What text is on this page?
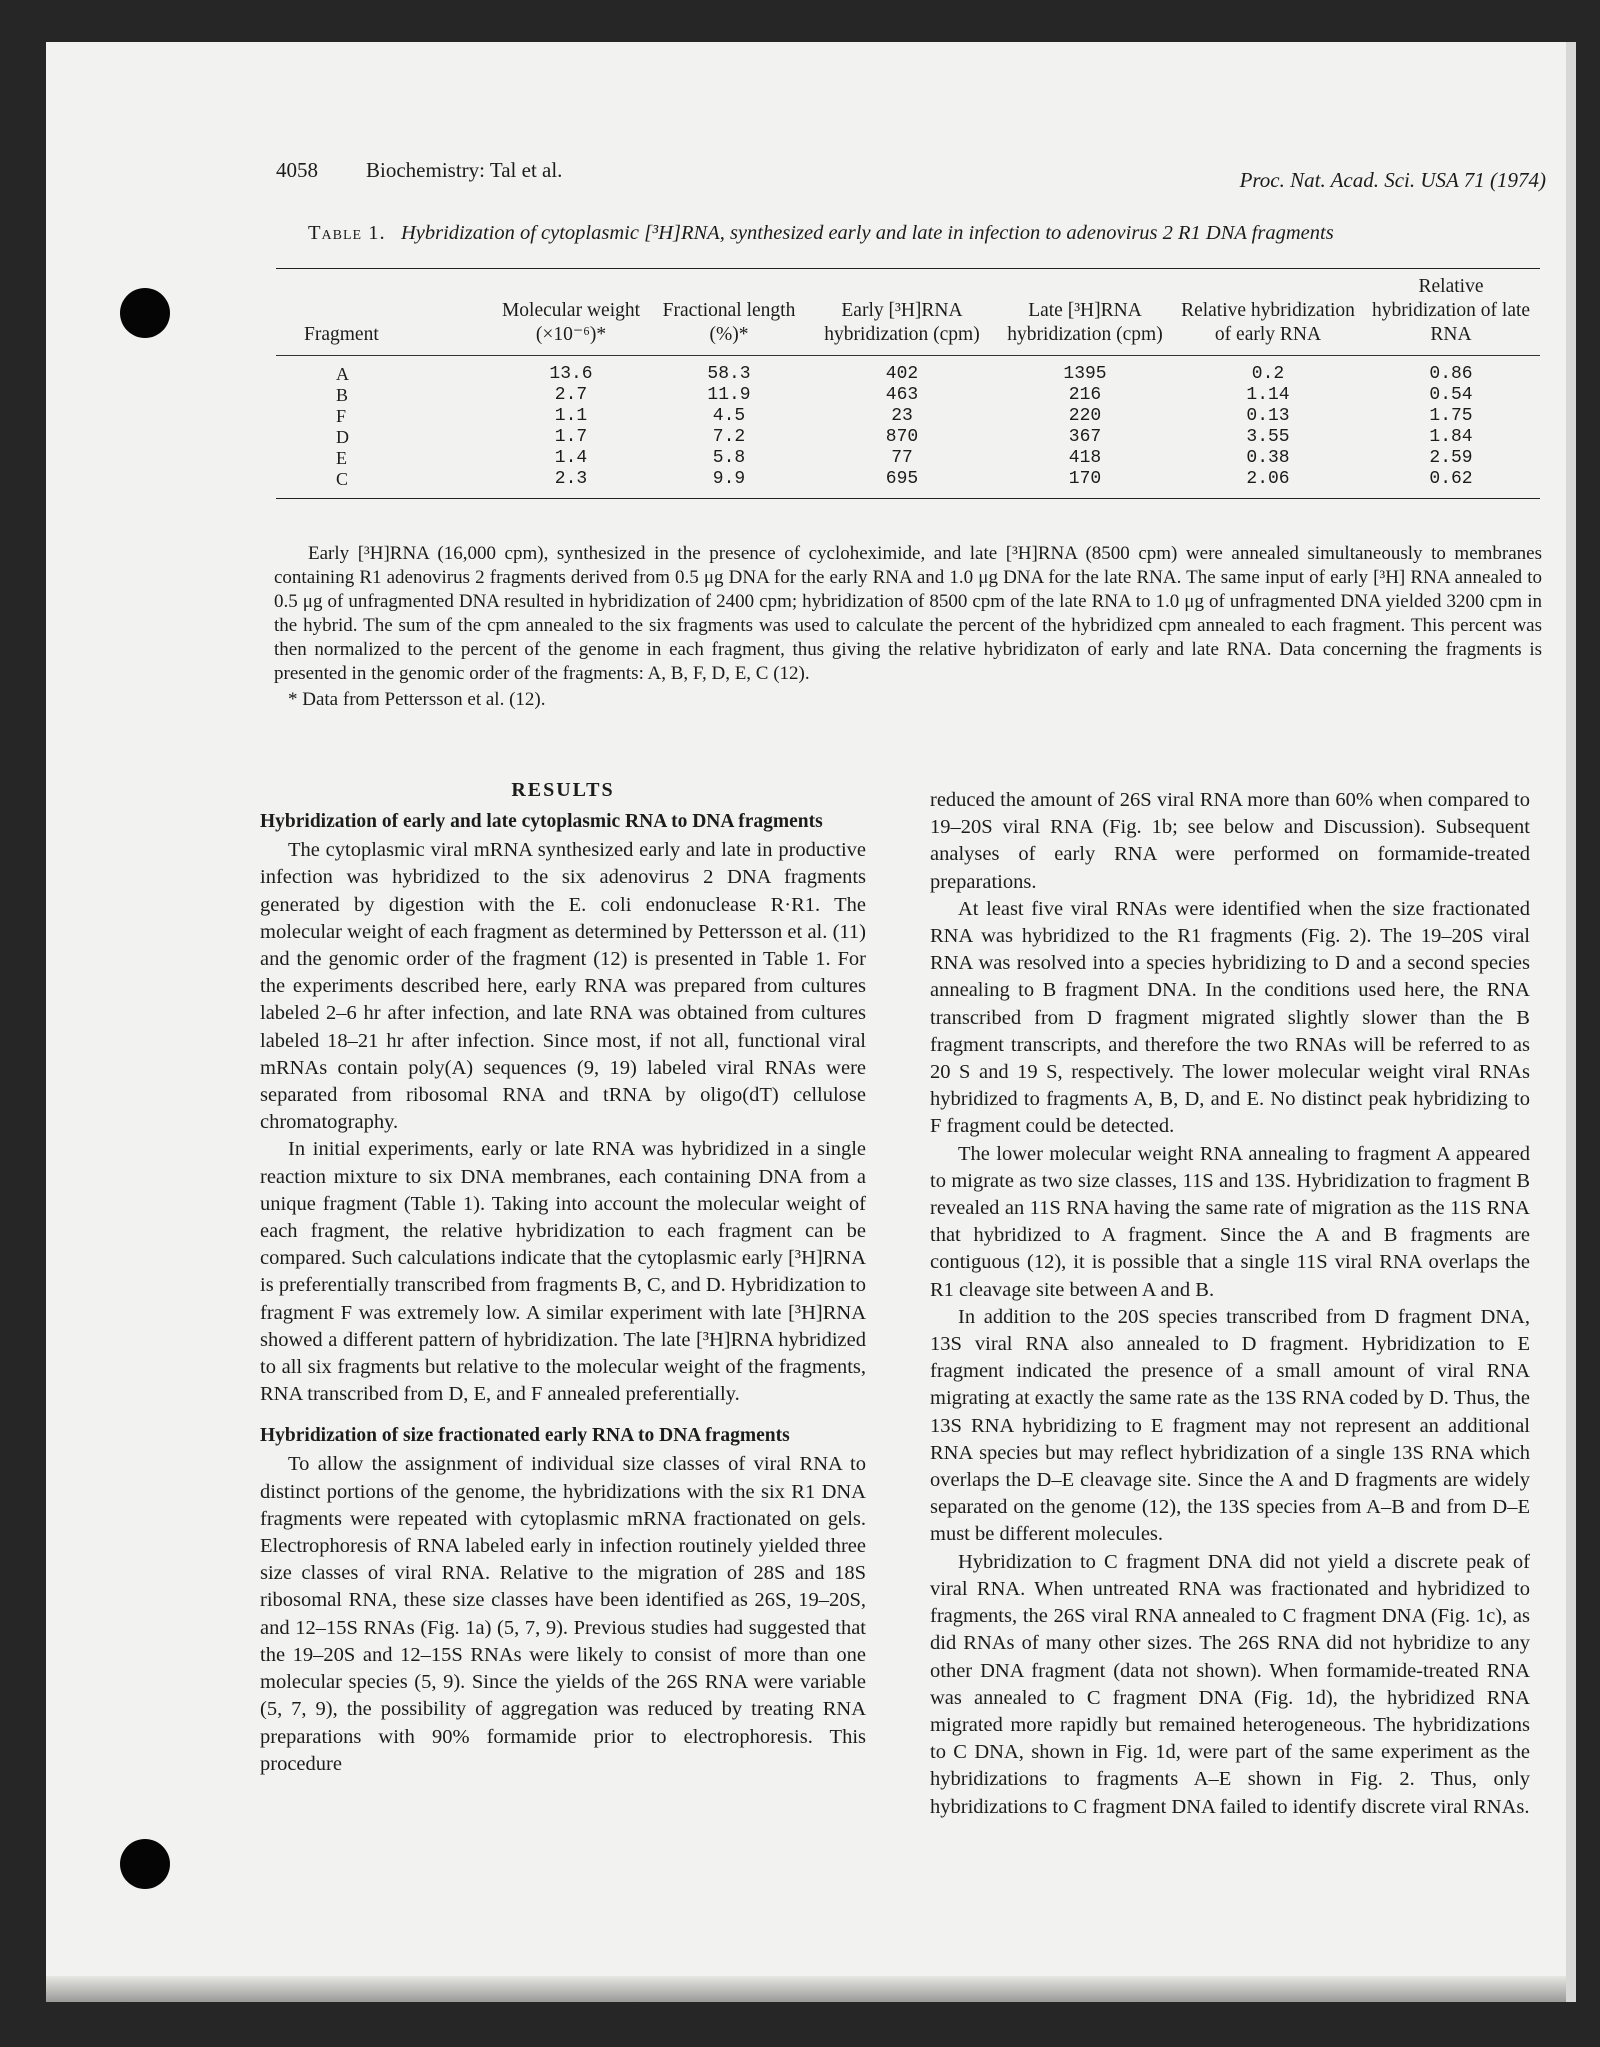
4058 Biochemistry: Tal et al.	Proc. Nat. Acad. Sci. USA 71 (1974)
Table 1. Hybridization of cytoplasmic [³H]RNA, synthesized early and late in infection to adenovirus 2 R1 DNA fragments
Fragment	Molecular weight (×10⁻⁶)*	Fractional length (%)*	Early [³H]RNA hybridization (cpm)	Late [³H]RNA hybridization (cpm)	Relative hybridization of early RNA	Relative hybridization of late RNA
A	13.6	58.3	402	1395	0.2	0.86
B	2.7	11.9	463	216	1.14	0.54
F	1.1	4.5	23	220	0.13	1.75
D	1.7	7.2	870	367	3.55	1.84
E	1.4	5.8	77	418	0.38	2.59
C	2.3	9.9	695	170	2.06	0.62

Early [³H]RNA (16,000 cpm), synthesized in the presence of cycloheximide, and late [³H]RNA (8500 cpm) were annealed simultaneously to membranes containing R1 adenovirus 2 fragments derived from 0.5 μg DNA for the early RNA and 1.0 μg DNA for the late RNA. The same input of early [³H] RNA annealed to 0.5 μg of unfragmented DNA resulted in hybridization of 2400 cpm; hybridization of 8500 cpm of the late RNA to 1.0 μg of unfragmented DNA yielded 3200 cpm in the hybrid. The sum of the cpm annealed to the six fragments was used to calculate the percent of the hybridized cpm annealed to each fragment. This percent was then normalized to the percent of the genome in each fragment, thus giving the relative hybridizaton of early and late RNA. Data concerning the fragments is presented in the genomic order of the fragments: A, B, F, D, E, C (12).

* Data from Pettersson et al. (12).

RESULTS
Hybridization of early and late cytoplasmic RNA to DNA fragments

The cytoplasmic viral mRNA synthesized early and late in productive infection was hybridized to the six adenovirus 2 DNA fragments generated by digestion with the E. coli endonuclease R·R1. The molecular weight of each fragment as determined by Pettersson et al. (11) and the genomic order of the fragment (12) is presented in Table 1. For the experiments described here, early RNA was prepared from cultures labeled 2–6 hr after infection, and late RNA was obtained from cultures labeled 18–21 hr after infection. Since most, if not all, functional viral mRNAs contain poly(A) sequences (9, 19) labeled viral RNAs were separated from ribosomal RNA and tRNA by oligo(dT) cellulose chromatography.

In initial experiments, early or late RNA was hybridized in a single reaction mixture to six DNA membranes, each containing DNA from a unique fragment (Table 1). Taking into account the molecular weight of each fragment, the relative hybridization to each fragment can be compared. Such calculations indicate that the cytoplasmic early [³H]RNA is preferentially transcribed from fragments B, C, and D. Hybridization to fragment F was extremely low. A similar experiment with late [³H]RNA showed a different pattern of hybridization. The late [³H]RNA hybridized to all six fragments but relative to the molecular weight of the fragments, RNA transcribed from D, E, and F annealed preferentially.

Hybridization of size fractionated early RNA to DNA fragments

To allow the assignment of individual size classes of viral RNA to distinct portions of the genome, the hybridizations with the six R1 DNA fragments were repeated with cytoplasmic mRNA fractionated on gels. Electrophoresis of RNA labeled early in infection routinely yielded three size classes of viral RNA. Relative to the migration of 28S and 18S ribosomal RNA, these size classes have been identified as 26S, 19–20S, and 12–15S RNAs (Fig. 1a) (5, 7, 9). Previous studies had suggested that the 19–20S and 12–15S RNAs were likely to consist of more than one molecular species (5, 9). Since the yields of the 26S RNA were variable (5, 7, 9), the possibility of aggregation was reduced by treating RNA preparations with 90% formamide prior to electrophoresis. This procedure

reduced the amount of 26S viral RNA more than 60% when compared to 19–20S viral RNA (Fig. 1b; see below and Discussion). Subsequent analyses of early RNA were performed on formamide-treated preparations.

At least five viral RNAs were identified when the size fractionated RNA was hybridized to the R1 fragments (Fig. 2). The 19–20S viral RNA was resolved into a species hybridizing to D and a second species annealing to B fragment DNA. In the conditions used here, the RNA transcribed from D fragment migrated slightly slower than the B fragment transcripts, and therefore the two RNAs will be referred to as 20 S and 19 S, respectively. The lower molecular weight viral RNAs hybridized to fragments A, B, D, and E. No distinct peak hybridizing to F fragment could be detected.

The lower molecular weight RNA annealing to fragment A appeared to migrate as two size classes, 11S and 13S. Hybridization to fragment B revealed an 11S RNA having the same rate of migration as the 11S RNA that hybridized to A fragment. Since the A and B fragments are contiguous (12), it is possible that a single 11S viral RNA overlaps the R1 cleavage site between A and B.

In addition to the 20S species transcribed from D fragment DNA, 13S viral RNA also annealed to D fragment. Hybridization to E fragment indicated the presence of a small amount of viral RNA migrating at exactly the same rate as the 13S RNA coded by D. Thus, the 13S RNA hybridizing to E fragment may not represent an additional RNA species but may reflect hybridization of a single 13S RNA which overlaps the D–E cleavage site. Since the A and D fragments are widely separated on the genome (12), the 13S species from A–B and from D–E must be different molecules.

Hybridization to C fragment DNA did not yield a discrete peak of viral RNA. When untreated RNA was fractionated and hybridized to fragments, the 26S viral RNA annealed to C fragment DNA (Fig. 1c), as did RNAs of many other sizes. The 26S RNA did not hybridize to any other DNA fragment (data not shown). When formamide-treated RNA was annealed to C fragment DNA (Fig. 1d), the hybridized RNA migrated more rapidly but remained heterogeneous. The hybridizations to C DNA, shown in Fig. 1d, were part of the same experiment as the hybridizations to fragments A–E shown in Fig. 2. Thus, only hybridizations to C fragment DNA failed to identify discrete viral RNAs.
